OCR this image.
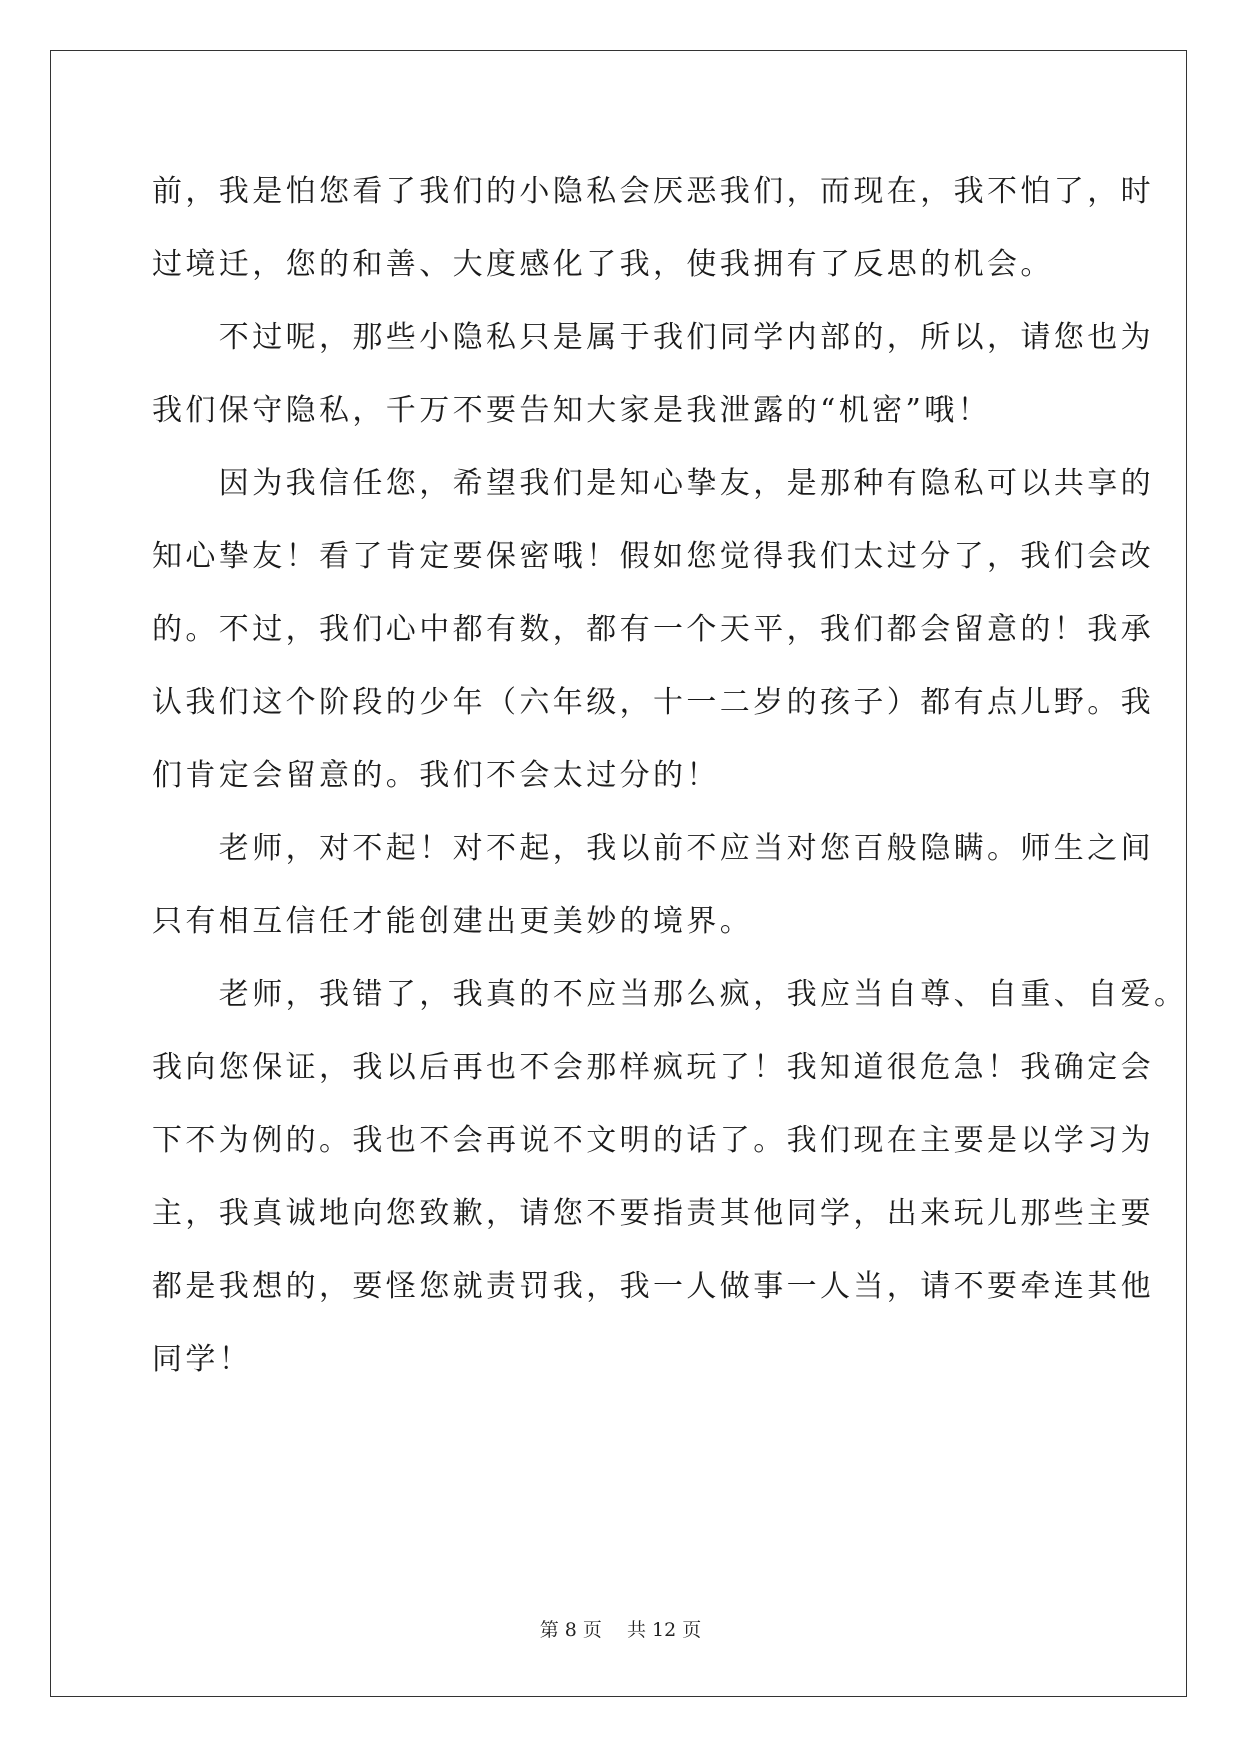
前，我是怕您看了我们的小隐私会厌恶我们，而现在，我不怕了，时
过境迁，您的和善、大度感化了我，使我拥有了反思的机会。
　　不过呢，那些小隐私只是属于我们同学内部的，所以，请您也为
我们保守隐私，千万不要告知大家是我泄露的“机密”哦！
　　因为我信任您，希望我们是知心挚友，是那种有隐私可以共享的
知心挚友！看了肯定要保密哦！假如您觉得我们太过分了，我们会改
的。不过，我们心中都有数，都有一个天平，我们都会留意的！我承
认我们这个阶段的少年（六年级，十一二岁的孩子）都有点儿野。我
们肯定会留意的。我们不会太过分的！
　　老师，对不起！对不起，我以前不应当对您百般隐瞒。师生之间
只有相互信任才能创建出更美妙的境界。
　　老师，我错了，我真的不应当那么疯，我应当自尊、自重、自爱。
我向您保证，我以后再也不会那样疯玩了！我知道很危急！我确定会
下不为例的。我也不会再说不文明的话了。我们现在主要是以学习为
主，我真诚地向您致歉，请您不要指责其他同学，出来玩儿那些主要
都是我想的，要怪您就责罚我，我一人做事一人当，请不要牵连其他
同学！
第 8 页　 共 12 页
